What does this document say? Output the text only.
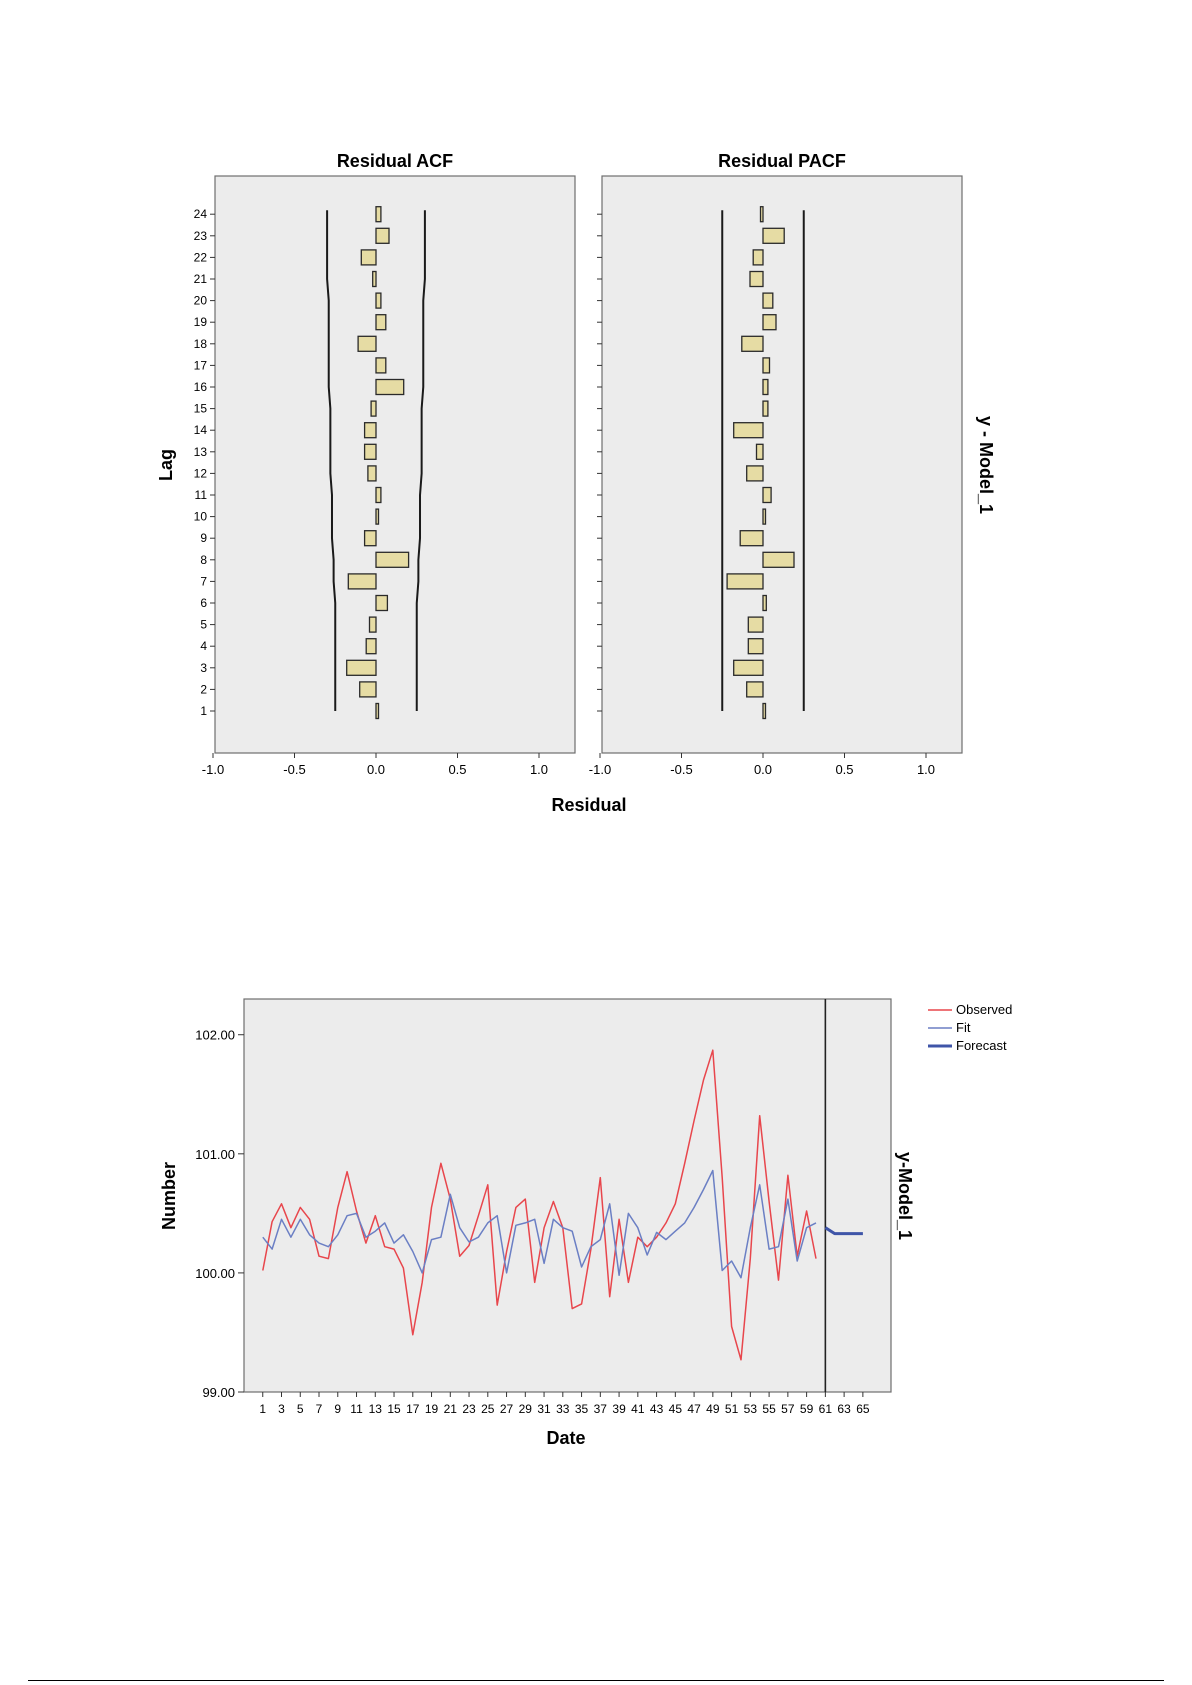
Residual ACF	Residual PACF
Lag
Residual
y - Model_1
1
2
3
4
5
6
7
8
9
10
11
12
13
14
15
16
17
18
19
20
21
22
23
24
-1.0	-0.5	0.0	0.5	1.0	-1.0	-0.5	0.0	0.5	1.0
Number
Date
y-Model_1
Observed
Fit
Forecast
99.00
100.00
101.00
102.00
1 3 5 7 9 11 13 15 17 19 21 23 25 27 29 31 33 35 37 39 41 43 45 47 49 51 53 55 57 59 61 63 65
